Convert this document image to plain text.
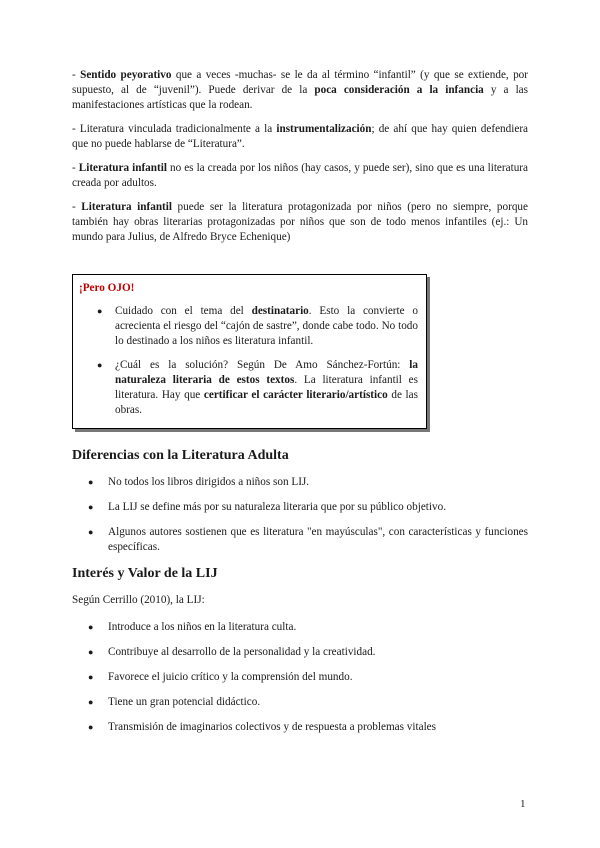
- Sentido peyorativo que a veces -muchas- se le da al término “infantil” (y que se extiende, por supuesto, al de “juvenil”). Puede derivar de la poca consideración a la infancia y a las manifestaciones artísticas que la rodean.

- Literatura vinculada tradicionalmente a la instrumentalización; de ahí que hay quien defendiera que no puede hablarse de “Literatura”.

- Literatura infantil no es la creada por los niños (hay casos, y puede ser), sino que es una literatura creada por adultos.

- Literatura infantil puede ser la literatura protagonizada por niños (pero no siempre, porque también hay obras literarias protagonizadas por niños que son de todo menos infantiles (ej.: Un mundo para Julius, de Alfredo Bryce Echenique)

¡Pero OJO!

● Cuidado con el tema del destinatario. Esto la convierte o acrecienta el riesgo del “cajón de sastre”, donde cabe todo. No todo lo destinado a los niños es literatura infantil.
● ¿Cuál es la solución? Según De Amo Sánchez-Fortún: la naturaleza literaria de estos textos. La literatura infantil es literatura. Hay que certificar el carácter literario/artístico de las obras.
Diferencias con la Literatura Adulta
● No todos los libros dirigidos a niños son LIJ.
● La LIJ se define más por su naturaleza literaria que por su público objetivo.
● Algunos autores sostienen que es literatura "en mayúsculas", con características y funciones específicas.
Interés y Valor de la LIJ

Según Cerrillo (2010), la LIJ:

● Introduce a los niños en la literatura culta.
● Contribuye al desarrollo de la personalidad y la creatividad.
● Favorece el juicio crítico y la comprensión del mundo.
● Tiene un gran potencial didáctico.
● Transmisión de imaginarios colectivos y de respuesta a problemas vitales
1
